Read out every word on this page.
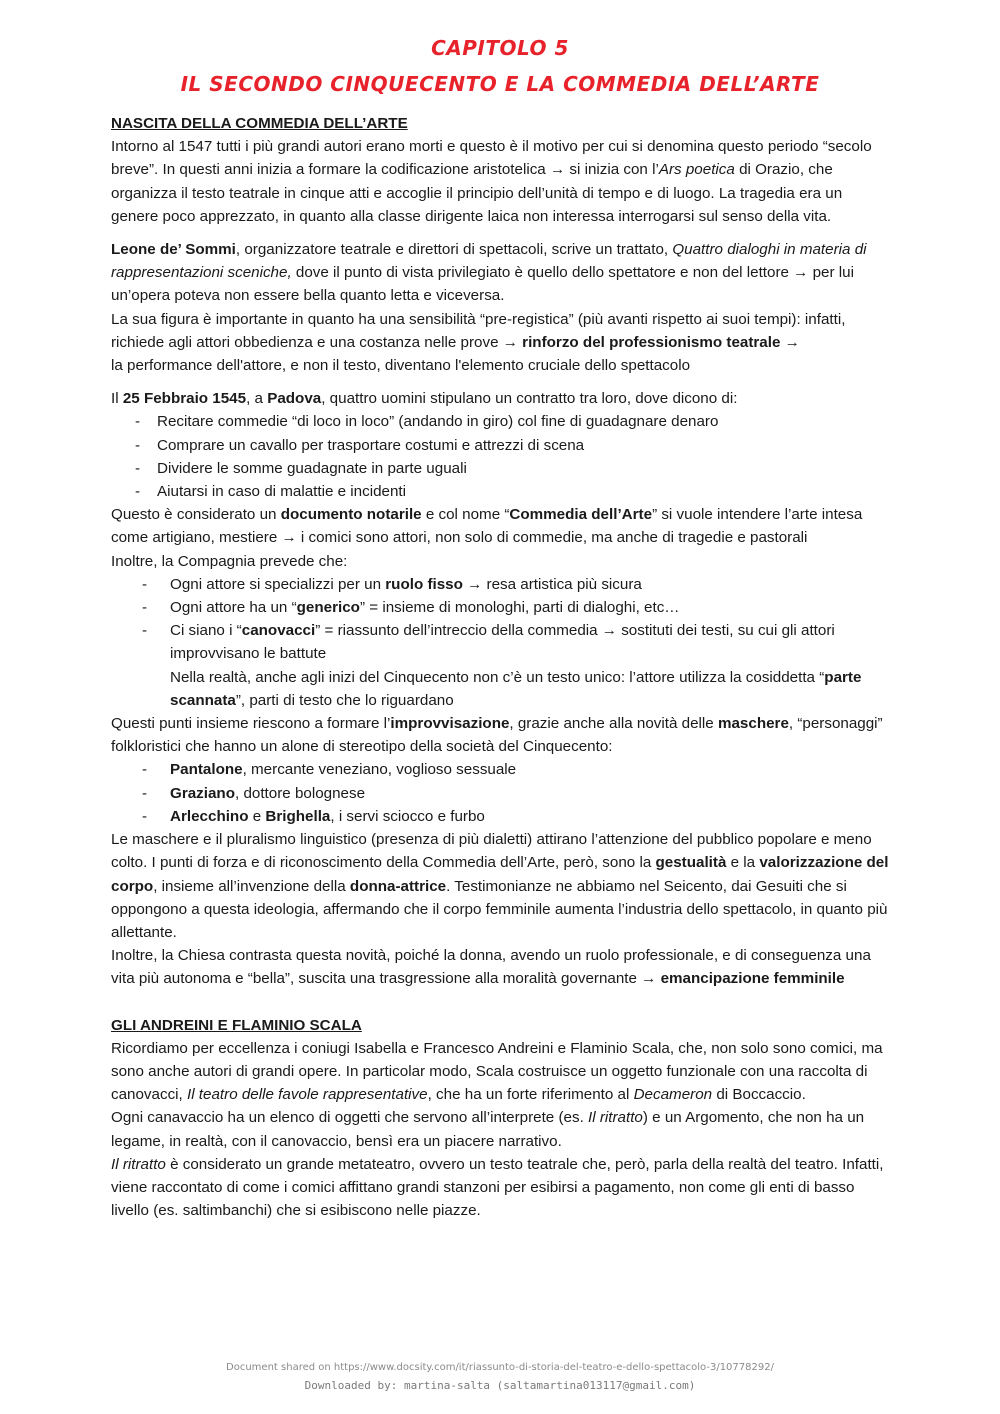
CAPITOLO 5
IL SECONDO CINQUECENTO E LA COMMEDIA DELL’ARTE

NASCITA DELLA COMMEDIA DELL’ARTE

Intorno al 1547 tutti i più grandi autori erano morti e questo è il motivo per cui si denomina questo periodo “secolo breve”. In questi anni inizia a formare la codificazione aristotelica → si inizia con l’Ars poetica di Orazio, che organizza il testo teatrale in cinque atti e accoglie il principio dell’unità di tempo e di luogo. La tragedia era un genere poco apprezzato, in quanto alla classe dirigente laica non interessa interrogarsi sul senso della vita.

Leone de’ Sommi, organizzatore teatrale e direttori di spettacoli, scrive un trattato, Quattro dialoghi in materia di rappresentazioni sceniche, dove il punto di vista privilegiato è quello dello spettatore e non del lettore → per lui un’opera poteva non essere bella quanto letta e viceversa.

La sua figura è importante in quanto ha una sensibilità “pre-registica” (più avanti rispetto ai suoi tempi): infatti, richiede agli attori obbedienza e una costanza nelle prove → rinforzo del professionismo teatrale →
la performance dell'attore, e non il testo, diventano l'elemento cruciale dello spettacolo

Il 25 Febbraio 1545, a Padova, quattro uomini stipulano un contratto tra loro, dove dicono di:

- Recitare commedie “di loco in loco” (andando in giro) col fine di guadagnare denaro
- Comprare un cavallo per trasportare costumi e attrezzi di scena
- Dividere le somme guadagnate in parte uguali
- Aiutarsi in caso di malattie e incidenti

Questo è considerato un documento notarile e col nome “Commedia dell’Arte” si vuole intendere l’arte intesa come artigiano, mestiere → i comici sono attori, non solo di commedie, ma anche di tragedie e pastorali

Inoltre, la Compagnia prevede che:

- Ogni attore si specializzi per un ruolo fisso → resa artistica più sicura
- Ogni attore ha un “generico” = insieme di monologhi, parti di dialoghi, etc…
- Ci siano i “canovacci” = riassunto dell’intreccio della commedia → sostituti dei testi, su cui gli attori improvvisano le battute

Nella realtà, anche agli inizi del Cinquecento non c’è un testo unico: l’attore utilizza la cosiddetta “parte scannata”, parti di testo che lo riguardano

Questi punti insieme riescono a formare l’improvvisazione, grazie anche alla novità delle maschere, “personaggi” folkloristici che hanno un alone di stereotipo della società del Cinquecento:

- Pantalone, mercante veneziano, voglioso sessuale
- Graziano, dottore bolognese
- Arlecchino e Brighella, i servi sciocco e furbo

Le maschere e il pluralismo linguistico (presenza di più dialetti) attirano l’attenzione del pubblico popolare e meno colto. I punti di forza e di riconoscimento della Commedia dell’Arte, però, sono la gestualità e la valorizzazione del corpo, insieme all’invenzione della donna-attrice. Testimonianze ne abbiamo nel Seicento, dai Gesuiti che si oppongono a questa ideologia, affermando che il corpo femminile aumenta l’industria dello spettacolo, in quanto più allettante.

Inoltre, la Chiesa contrasta questa novità, poiché la donna, avendo un ruolo professionale, e di conseguenza una vita più autonoma e “bella”, suscita una trasgressione alla moralità governante → emancipazione femminile

GLI ANDREINI E FLAMINIO SCALA

Ricordiamo per eccellenza i coniugi Isabella e Francesco Andreini e Flaminio Scala, che, non solo sono comici, ma sono anche autori di grandi opere. In particolar modo, Scala costruisce un oggetto funzionale con una raccolta di canovacci, Il teatro delle favole rappresentative, che ha un forte riferimento al Decameron di Boccaccio.

Ogni canavaccio ha un elenco di oggetti che servono all’interprete (es. Il ritratto) e un Argomento, che non ha un legame, in realtà, con il canovaccio, bensì era un piacere narrativo.

Il ritratto è considerato un grande metateatro, ovvero un testo teatrale che, però, parla della realtà del teatro. Infatti, viene raccontato di come i comici affittano grandi stanzoni per esibirsi a pagamento, non come gli enti di basso livello (es. saltimbanchi) che si esibiscono nelle piazze.

Document shared on https://www.docsity.com/it/riassunto-di-storia-del-teatro-e-dello-spettacolo-3/10778292/
Downloaded by: martina-salta (saltamartina013117@gmail.com)
